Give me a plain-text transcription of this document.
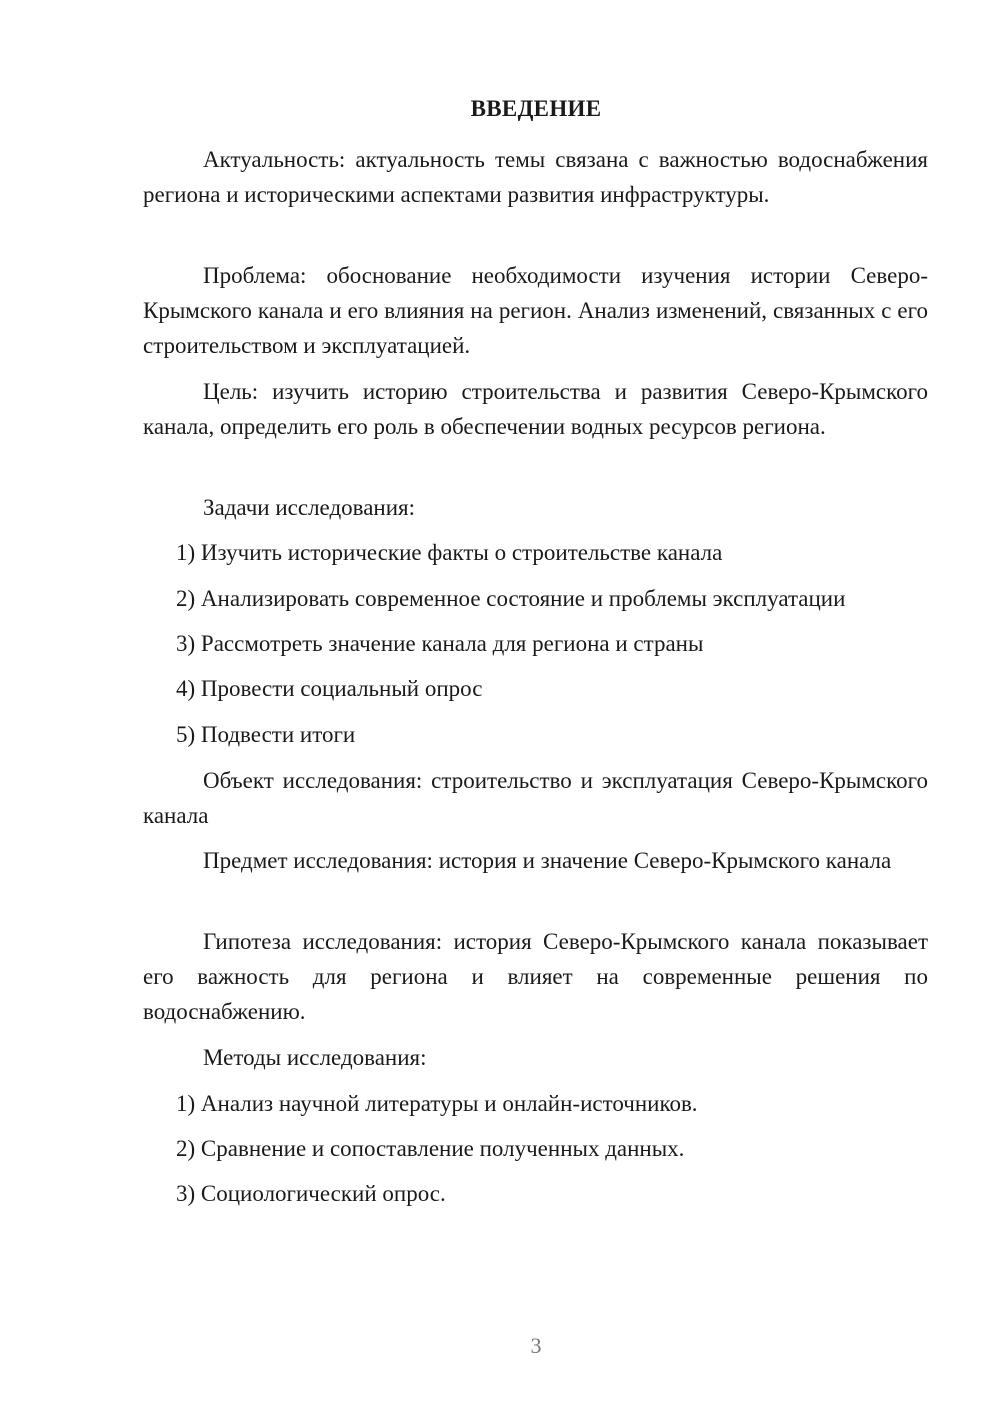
ВВЕДЕНИЕ

Актуальность: актуальность темы связана с важностью водоснабжения региона и историческими аспектами развития инфраструктуры.

Проблема: обоснование необходимости изучения истории Северо-Крымского канала и его влияния на регион. Анализ изменений, связанных с его строительством и эксплуатацией.

Цель: изучить историю строительства и развития Северо-Крымского канала, определить его роль в обеспечении водных ресурсов региона.

Задачи исследования:

1) Изучить исторические факты о строительстве канала

2) Анализировать современное состояние и проблемы эксплуатации

3) Рассмотреть значение канала для региона и страны

4) Провести социальный опрос

5) Подвести итоги

Объект исследования: строительство и эксплуатация Северо-Крымского канала

Предмет исследования: история и значение Северо-Крымского канала

Гипотеза исследования: история Северо-Крымского канала показывает его важность для региона и влияет на современные решения по водоснабжению.

Методы исследования:

1) Анализ научной литературы и онлайн-источников.

2) Сравнение и сопоставление полученных данных.

3) Социологический опрос.

3
